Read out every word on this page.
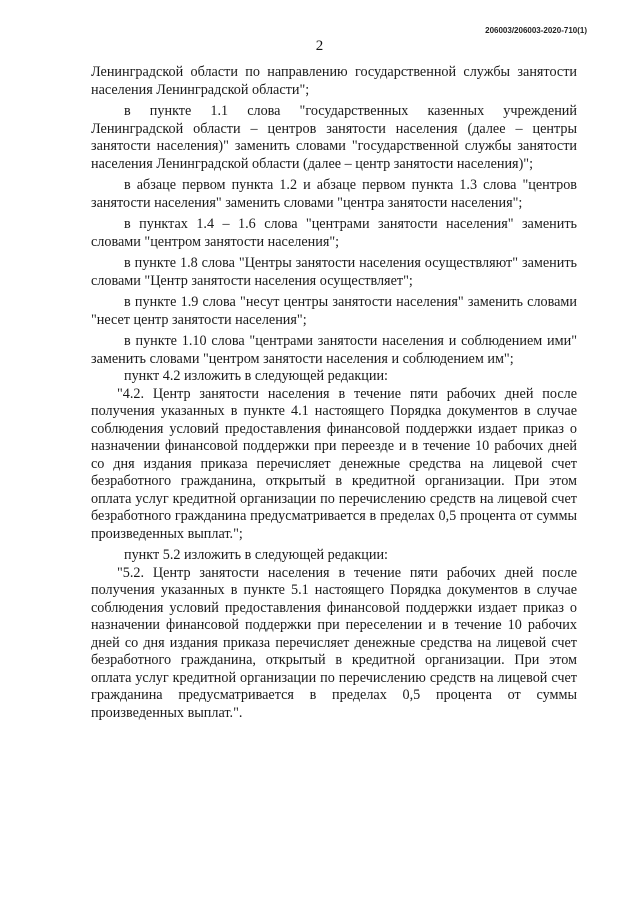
206003/206003-2020-710(1)
2

Ленинградской области по направлению государственной службы занятости населения Ленинградской области";

в пункте 1.1 слова "государственных казенных учреждений Ленинградской области – центров занятости населения (далее – центры занятости населения)" заменить словами "государственной службы занятости населения Ленинградской области (далее – центр занятости населения)";

в абзаце первом пункта 1.2 и абзаце первом пункта 1.3 слова "центров занятости населения" заменить словами "центра занятости населения";

в пунктах 1.4 – 1.6 слова "центрами занятости населения" заменить словами "центром занятости населения";

в пункте 1.8 слова "Центры занятости населения осуществляют" заменить словами "Центр занятости населения осуществляет";

в пункте 1.9 слова "несут центры занятости населения" заменить словами "несет центр занятости населения";

в пункте 1.10 слова "центрами занятости населения и соблюдением ими" заменить словами "центром занятости населения и соблюдением им";

пункт 4.2 изложить в следующей редакции:

"4.2. Центр занятости населения в течение пяти рабочих дней после получения указанных в пункте 4.1 настоящего Порядка документов в случае соблюдения условий предоставления финансовой поддержки издает приказ о назначении финансовой поддержки при переезде и в течение 10 рабочих дней со дня издания приказа перечисляет денежные средства на лицевой счет безработного гражданина, открытый в кредитной организации. При этом оплата услуг кредитной организации по перечислению средств на лицевой счет безработного гражданина предусматривается в пределах 0,5 процента от суммы произведенных выплат.";

пункт 5.2 изложить в следующей редакции:

"5.2. Центр занятости населения в течение пяти рабочих дней после получения указанных в пункте 5.1 настоящего Порядка документов в случае соблюдения условий предоставления финансовой поддержки издает приказ о назначении финансовой поддержки при переселении и в течение 10 рабочих дней со дня издания приказа перечисляет денежные средства на лицевой счет безработного гражданина, открытый в кредитной организации. При этом оплата услуг кредитной организации по перечислению средств на лицевой счет гражданина предусматривается в пределах 0,5 процента от суммы произведенных выплат.".
